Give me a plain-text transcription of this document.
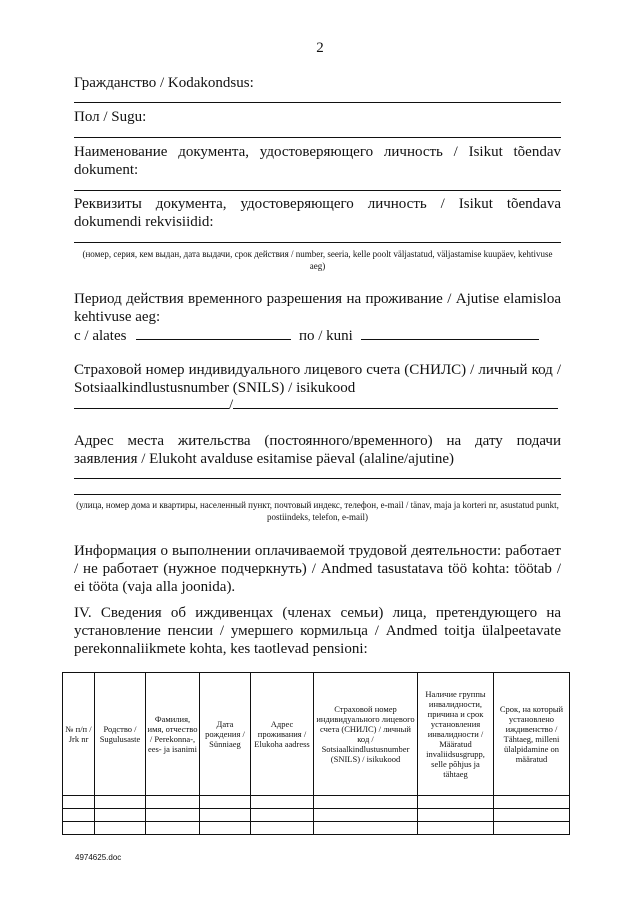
2
Гражданство / Kodakondsus:
Пол / Sugu:
Наименование документа, удостоверяющего личность / Isikut tõendav dokument:
Реквизиты документа, удостоверяющего личность / Isikut tõendava dokumendi rekvisiidid:
(номер, серия, кем выдан, дата выдачи, срок действия / number, seeria, kelle poolt väljastatud, väljastamise kuupäev, kehtivuse aeg)
Период действия временного разрешения на проживание / Ajutise elamisloa kehtivuse aeg:
с / alates	по / kuni
Страховой номер индивидуального лицевого счета (СНИЛС) / личный код / Sotsiaalkindlustusnumber (SNILS) / isikukood
/
Адрес места жительства (постоянного/временного) на дату подачи заявления / Elukoht avalduse esitamise päeval (alaline/ajutine)
(улица, номер дома и квартиры, населенный пункт, почтовый индекс, телефон, e-mail / tänav, maja ja korteri nr, asustatud punkt, postiindeks, telefon, e-mail)
Информация о выполнении оплачиваемой трудовой деятельности: работает / не работает (нужное подчеркнуть) / Andmed tasustatava töö kohta: töötab / ei tööta (vaja alla joonida).
IV. Сведения об иждивенцах (членах семьи) лица, претендующего на установление пенсии / умершего кормильца / Andmed toitja ülalpeetavate perekonnaliikmete kohta, kes taotlevad pensioni:
№ п/п / Jrk nr	Родство / Sugulusaste	Фамилия, имя, отчество / Perekonna-, ees- ja isanimi	Дата рождения / Sünniaeg	Адрес проживания / Elukoha aadress	Страховой номер индивидуального лицевого счета (СНИЛС) / личный код / Sotsiaalkindlustusnumber (SNILS) / isikukood	Наличие группы инвалидности, причина и срок установления инвалидности / Määratud invaliidsusgrupp, selle põhjus ja tähtaeg	Срок, на который установлено иждивенство / Tähtaeg, milleni ülalpidamine on määratud

4974625.doc
